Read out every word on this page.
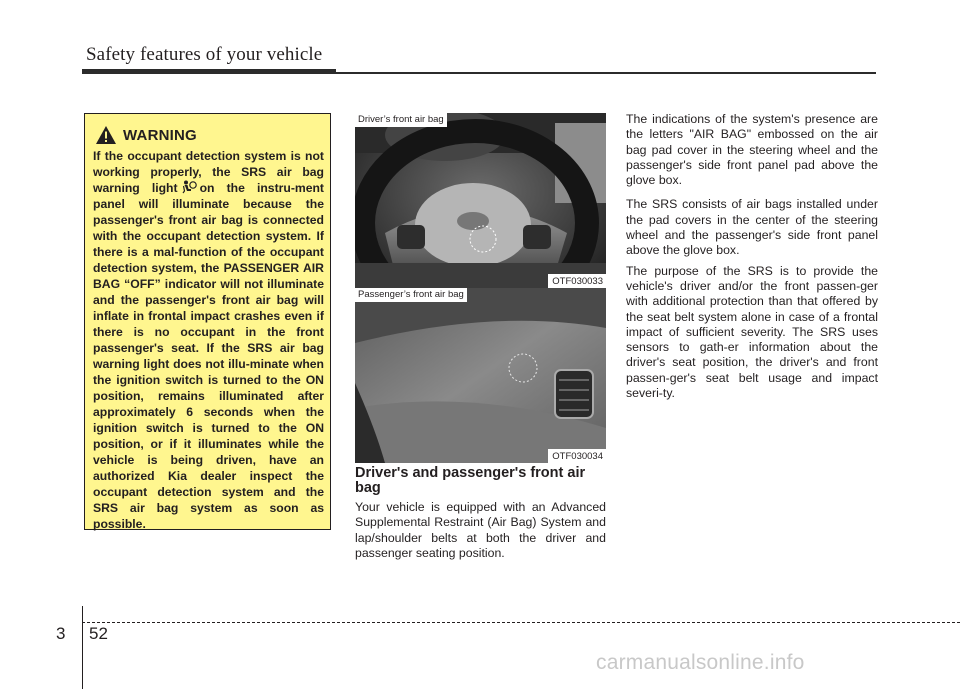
Safety features of your vehicle
WARNING
If the occupant detection system is not working properly, the SRS air bag warning light on the instru-ment panel will illuminate because the passenger's front air bag is connected with the occupant detection system. If there is a mal-function of the occupant detection system, the PASSENGER AIR BAG “OFF” indicator will not illuminate and the passenger's front air bag will inflate in frontal impact crashes even if there is no occupant in the front passenger's seat. If the SRS air bag warning light does not illu-minate when the ignition switch is turned to the ON position, remains illuminated after approximately 6 seconds when the ignition switch is turned to the ON position, or if it illuminates while the vehicle is being driven, have an authorized Kia dealer inspect the occupant detection system and the SRS air bag system as soon as possible.
Driver’s front air bag
OTF030033
Passenger’s front air bag
OTF030034
Driver's and passenger's front air bag
Your vehicle is equipped with an Advanced Supplemental Restraint (Air Bag) System and lap/shoulder belts at both the driver and passenger seating position.

The indications of the system's presence are the letters "AIR BAG" embossed on the air bag pad cover in the steering wheel and the passenger's side front panel pad above the glove box.

The SRS consists of air bags installed under the pad covers in the center of the steering wheel and the passenger's side front panel above the glove box.

The purpose of the SRS is to provide the vehicle's driver and/or the front passen-ger with additional protection than that offered by the seat belt system alone in case of a frontal impact of sufficient severity. The SRS uses sensors to gath-er information about the driver's seat position, the driver's and front passen-ger's seat belt usage and impact severi-ty.

3 52
carmanualsonline.info
